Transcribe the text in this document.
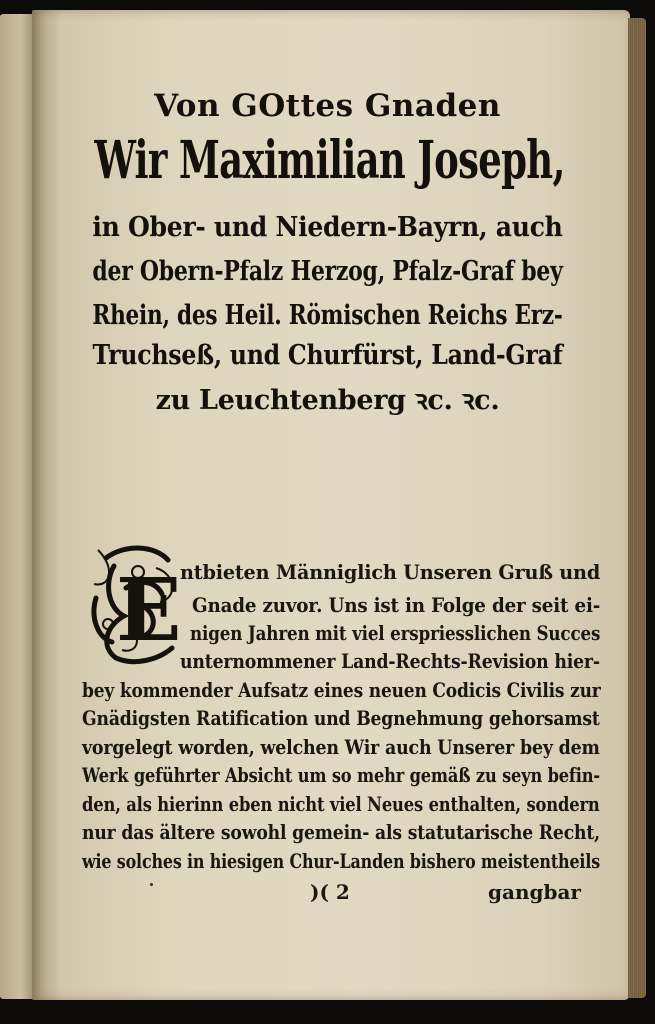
Von GOttes Gnaden
Wir Maximilian Joseph,
in Ober- und Niedern-Bayrn, auch
der Obern-Pfalz Herzog, Pfalz-Graf bey
Rhein, des Heil. Römischen Reichs Erz-
Truchseß, und Churfürst, Land-Graf
zu Leuchtenberg ꝛc. ꝛc.
E
ntbieten Männiglich Unseren Gruß und
Gnade zuvor. Uns ist in Folge der seit ei-
nigen Jahren mit viel erspriesslichen Succes
unternommener Land-Rechts-Revision hier-
bey kommender Aufsatz eines neuen Codicis Civilis zur
Gnädigsten Ratification und Begnehmung gehorsamst
vorgelegt worden, welchen Wir auch Unserer bey dem
Werk geführter Absicht um so mehr gemäß zu seyn befin-
den, als hierinn eben nicht viel Neues enthalten, sondern
nur das ältere sowohl gemein- als statutarische Recht,
wie solches in hiesigen Chur-Landen bishero meistentheils
)( 2	gangbar
